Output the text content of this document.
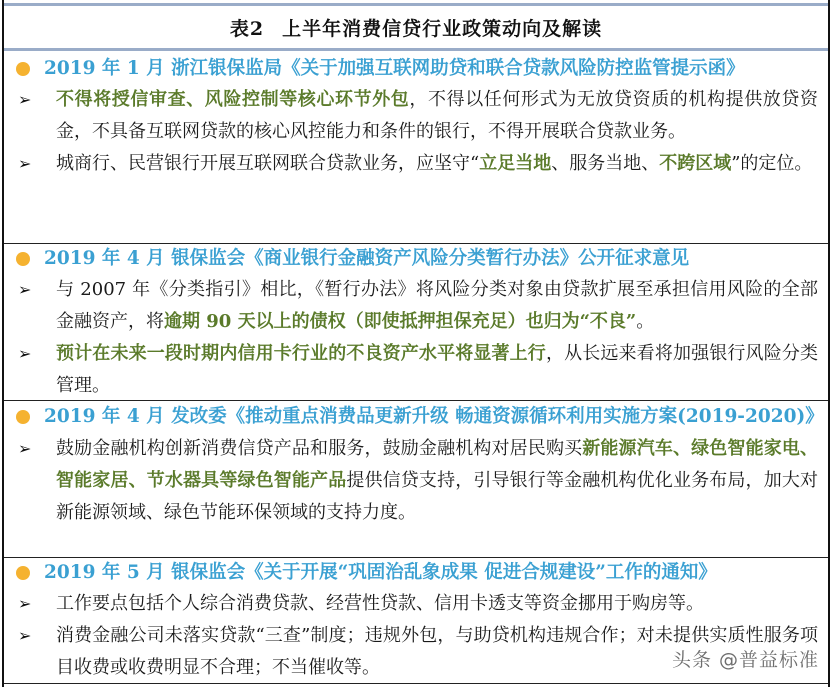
表2 上半年消费信贷行业政策动向及解读
2019 年 1 月 浙江银保监局《关于加强互联网助贷和联合贷款风险防控监管提示函》
➢	不得将授信审查、风险控制等核心环节外包，不得以任何形式为无放贷资质的机构提供放贷资金，不具备互联网贷款的核心风控能力和条件的银行，不得开展联合贷款业务。
➢	城商行、民营银行开展互联网联合贷款业务，应坚守“立足当地、服务当地、不跨区域”的定位。
2019 年 4 月 银保监会《商业银行金融资产风险分类暂行办法》公开征求意见
➢	与 2007 年《分类指引》相比，《暂行办法》将风险分类对象由贷款扩展至承担信用风险的全部金融资产，将逾期 90 天以上的债权（即使抵押担保充足）也归为“不良”。
➢	预计在未来一段时期内信用卡行业的不良资产水平将显著上行，从长远来看将加强银行风险分类管理。
2019 年 4 月 发改委《推动重点消费品更新升级 畅通资源循环利用实施方案(2019-2020)》
➢	鼓励金融机构创新消费信贷产品和服务，鼓励金融机构对居民购买新能源汽车、绿色智能家电、智能家居、节水器具等绿色智能产品提供信贷支持，引导银行等金融机构优化业务布局，加大对新能源领域、绿色节能环保领域的支持力度。
2019 年 5 月 银保监会《关于开展“巩固治乱象成果 促进合规建设”工作的通知》
➢	工作要点包括个人综合消费贷款、经营性贷款、信用卡透支等资金挪用于购房等。
➢	消费金融公司未落实贷款“三查”制度；违规外包，与助贷机构违规合作；对未提供实质性服务项目收费或收费明显不合理；不当催收等。	头条 @普益标准
